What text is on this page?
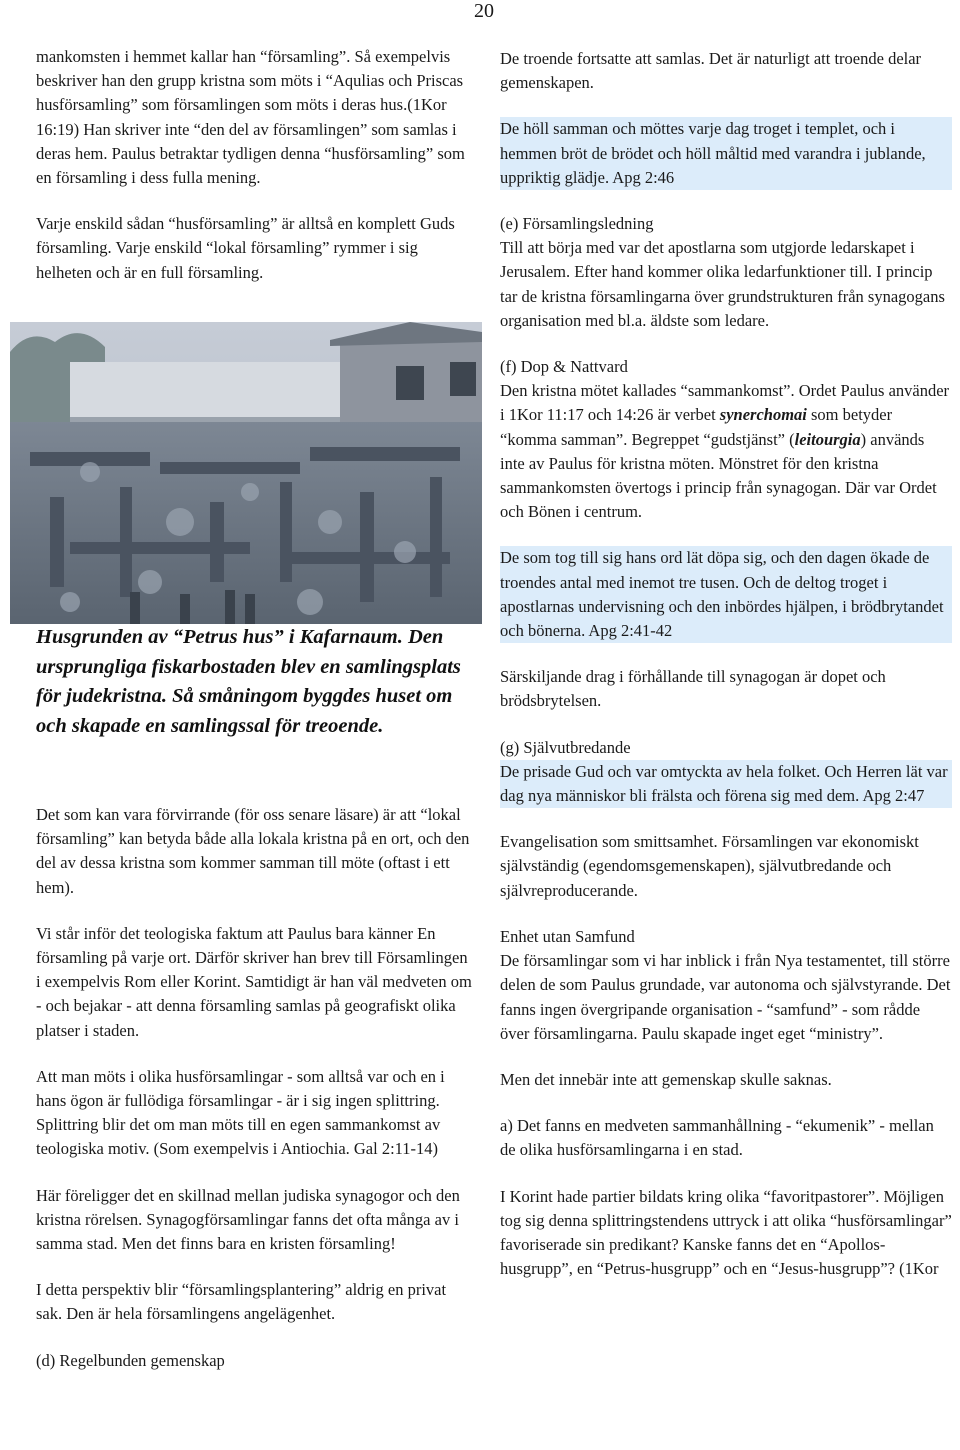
20

mankomsten i hemmet kallar han “församling”. Så exempelvis beskriver han den grupp kristna som möts i “Aqulias och Priscas husförsamling” som församlingen som möts i deras hus.(1Kor 16:19) Han skriver inte “den del av församlingen” som samlas i deras hem. Paulus betraktar tydligen denna “husförsamling” som en församling i dess fulla mening.

Varje enskild sådan “husförsamling” är alltså en komplett Guds församling. Varje enskild “lokal församling” rymmer i sig helheten och är en full församling.

Husgrunden av “Petrus hus” i Kafarnaum. Den ursprungliga fiskarbostaden blev en samlingsplats för judekristna. Så småningom byggdes huset om och skapade en samlingssal för treoende.

Det som kan vara förvirrande (för oss senare läsare) är att “lokal församling” kan betyda både alla lokala kristna på en ort, och den del av dessa kristna som kommer samman till möte (oftast i ett hem).

Vi står inför det teologiska faktum att Paulus bara känner En församling på varje ort. Därför skriver han brev till Församlingen i exempelvis Rom eller Korint. Samtidigt är han väl medveten om - och bejakar - att denna församling samlas på geografiskt olika platser i staden.

Att man möts i olika husförsamlingar - som alltså var och en i hans ögon är fullödiga församlingar - är i sig ingen splittring. Splittring blir det om man möts till en egen sammankomst av teologiska motiv. (Som exempelvis i Antiochia. Gal 2:11-14)

Här föreligger det en skillnad mellan judiska synagogor och den kristna rörelsen. Synagogförsamlingar fanns det ofta många av i samma stad. Men det finns bara en kristen församling!

I detta perspektiv blir “församlingsplantering” aldrig en privat sak. Den är hela församlingens angelägenhet.

(d) Regelbunden gemenskap

De troende fortsatte att samlas. Det är naturligt att troende delar gemenskapen.

De höll samman och möttes varje dag troget i templet, och i hemmen bröt de brödet och höll måltid med varandra i jublande, uppriktig glädje. Apg 2:46

(e) Församlingsledning

Till att börja med var det apostlarna som utgjorde ledarskapet i Jerusalem. Efter hand kommer olika ledarfunktioner till. I princip tar de kristna församlingarna över grundstrukturen från synagogans organisation med bl.a. äldste som ledare.

(f) Dop & Nattvard

Den kristna mötet kallades “sammankomst”. Ordet Paulus använder i 1Kor 11:17 och 14:26 är verbet synerchomai som betyder “komma samman”. Begreppet “gudstjänst” (leitourgia) används inte av Paulus för kristna möten. Mönstret för den kristna sammankomsten övertogs i princip från synagogan. Där var Ordet och Bönen i centrum.

De som tog till sig hans ord lät döpa sig, och den dagen ökade de troendes antal med inemot tre tusen. Och de deltog troget i apostlarnas undervisning och den inbördes hjälpen, i brödbrytandet och bönerna. Apg 2:41-42

Särskiljande drag i förhållande till synagogan är dopet och brödsbrytelsen.

(g) Självutbredande

De prisade Gud och var omtyckta av hela folket. Och Herren lät var dag nya människor bli frälsta och förena sig med dem. Apg 2:47

Evangelisation som smittsamhet. Församlingen var ekonomiskt självständig (egendomsgemenskapen), självutbredande och självreproducerande.

Enhet utan Samfund

De församlingar som vi har inblick i från Nya testamentet, till större delen de som Paulus grundade, var autonoma och självstyrande. Det fanns ingen övergripande organisation - “samfund” - som rådde över församlingarna. Paulu skapade inget eget “ministry”.

Men det innebär inte att gemenskap skulle saknas.

a) Det fanns en medveten sammanhållning - “ekumenik” - mellan de olika husförsamlingarna i en stad.

I Korint hade partier bildats kring olika “favoritpastorer”. Möjligen tog sig denna splittringstendens uttryck i att olika “husförsamlingar” favoriserade sin predikant? Kanske fanns det en “Apollos-husgrupp”, en “Petrus-husgrupp” och en “Jesus-husgrupp”? (1Kor
